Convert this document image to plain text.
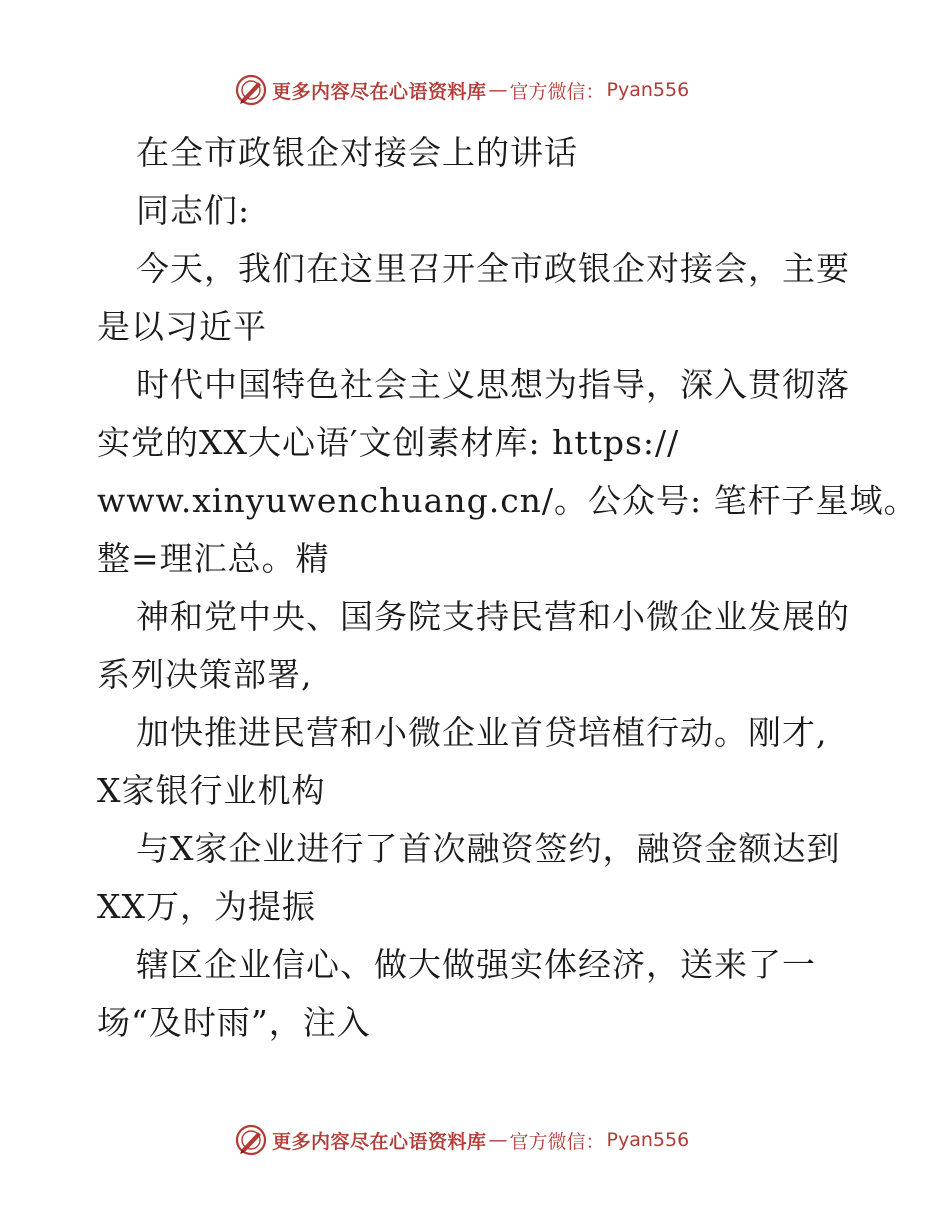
更多内容尽在心语资料库 — 官方微信： Pyan556
在全市政银企对接会上的讲话
同志们:
今天，我们在这里召开全市政银企对接会，主要
是以习近平
时代中国特色社会主义思想为指导，深入贯彻落
实党的XX大心语′文创素材库: https://
www.xinyuwenchuang.cn/。公众号: 笔杆子星域。
整=理汇总。精
神和党中央、国务院支持民营和小微企业发展的
系列决策部署,
加快推进民营和小微企业首贷培植行动。刚才,
X家银行业机构
与X家企业进行了首次融资签约，融资金额达到
XX万，为提振
辖区企业信心、做大做强实体经济，送来了一
场“及时雨”，注入
更多内容尽在心语资料库 — 官方微信： Pyan556
